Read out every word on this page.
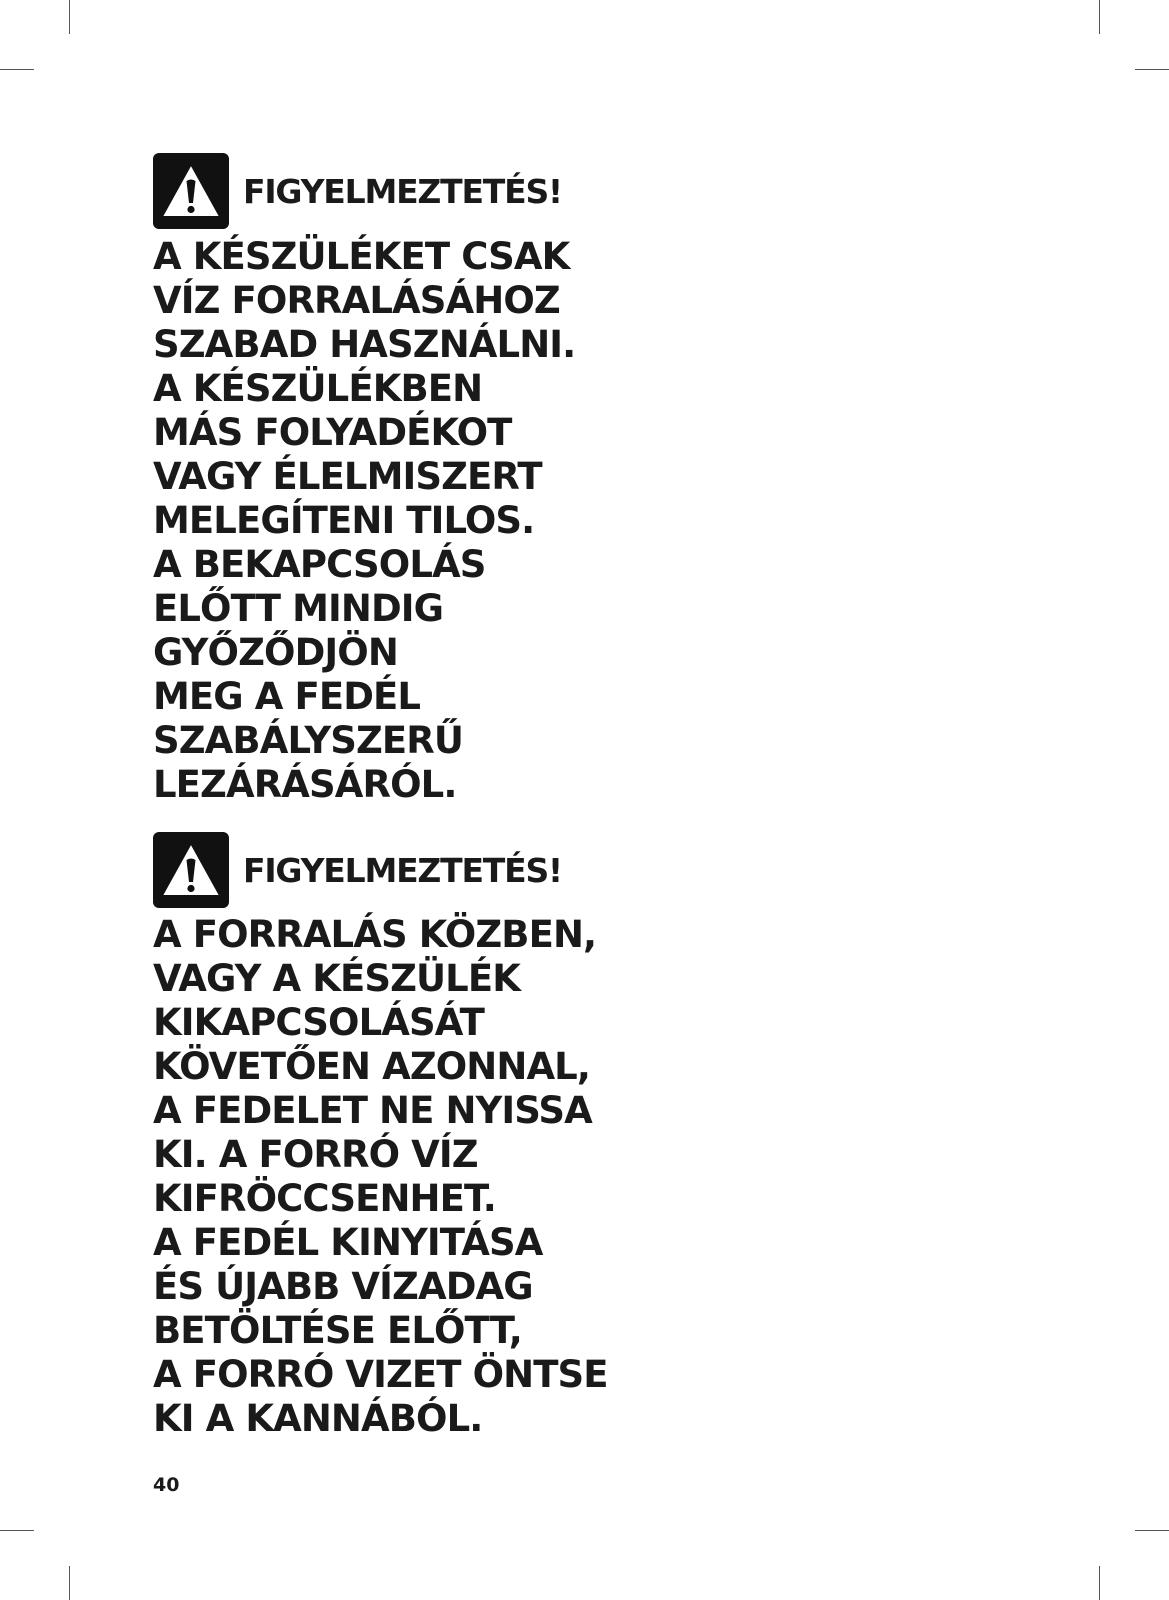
FIGYELMEZTETÉS!
A KÉSZÜLÉKET CSAK
VÍZ FORRALÁSÁHOZ
SZABAD HASZNÁLNI.
A KÉSZÜLÉKBEN
MÁS FOLYADÉKOT
VAGY ÉLELMISZERT
MELEGÍTENI TILOS.
A BEKAPCSOLÁS
ELŐTT MINDIG
GYŐZŐDJÖN
MEG A FEDÉL
SZABÁLYSZERŰ
LEZÁRÁSÁRÓL.
FIGYELMEZTETÉS!
A FORRALÁS KÖZBEN,
VAGY A KÉSZÜLÉK
KIKAPCSOLÁSÁT
KÖVETŐEN AZONNAL,
A FEDELET NE NYISSA
KI. A FORRÓ VÍZ
KIFRÖCCSENHET.
A FEDÉL KINYITÁSA
ÉS ÚJABB VÍZADAG
BETÖLTÉSE ELŐTT,
A FORRÓ VIZET ÖNTSE
KI A KANNÁBÓL.
40
